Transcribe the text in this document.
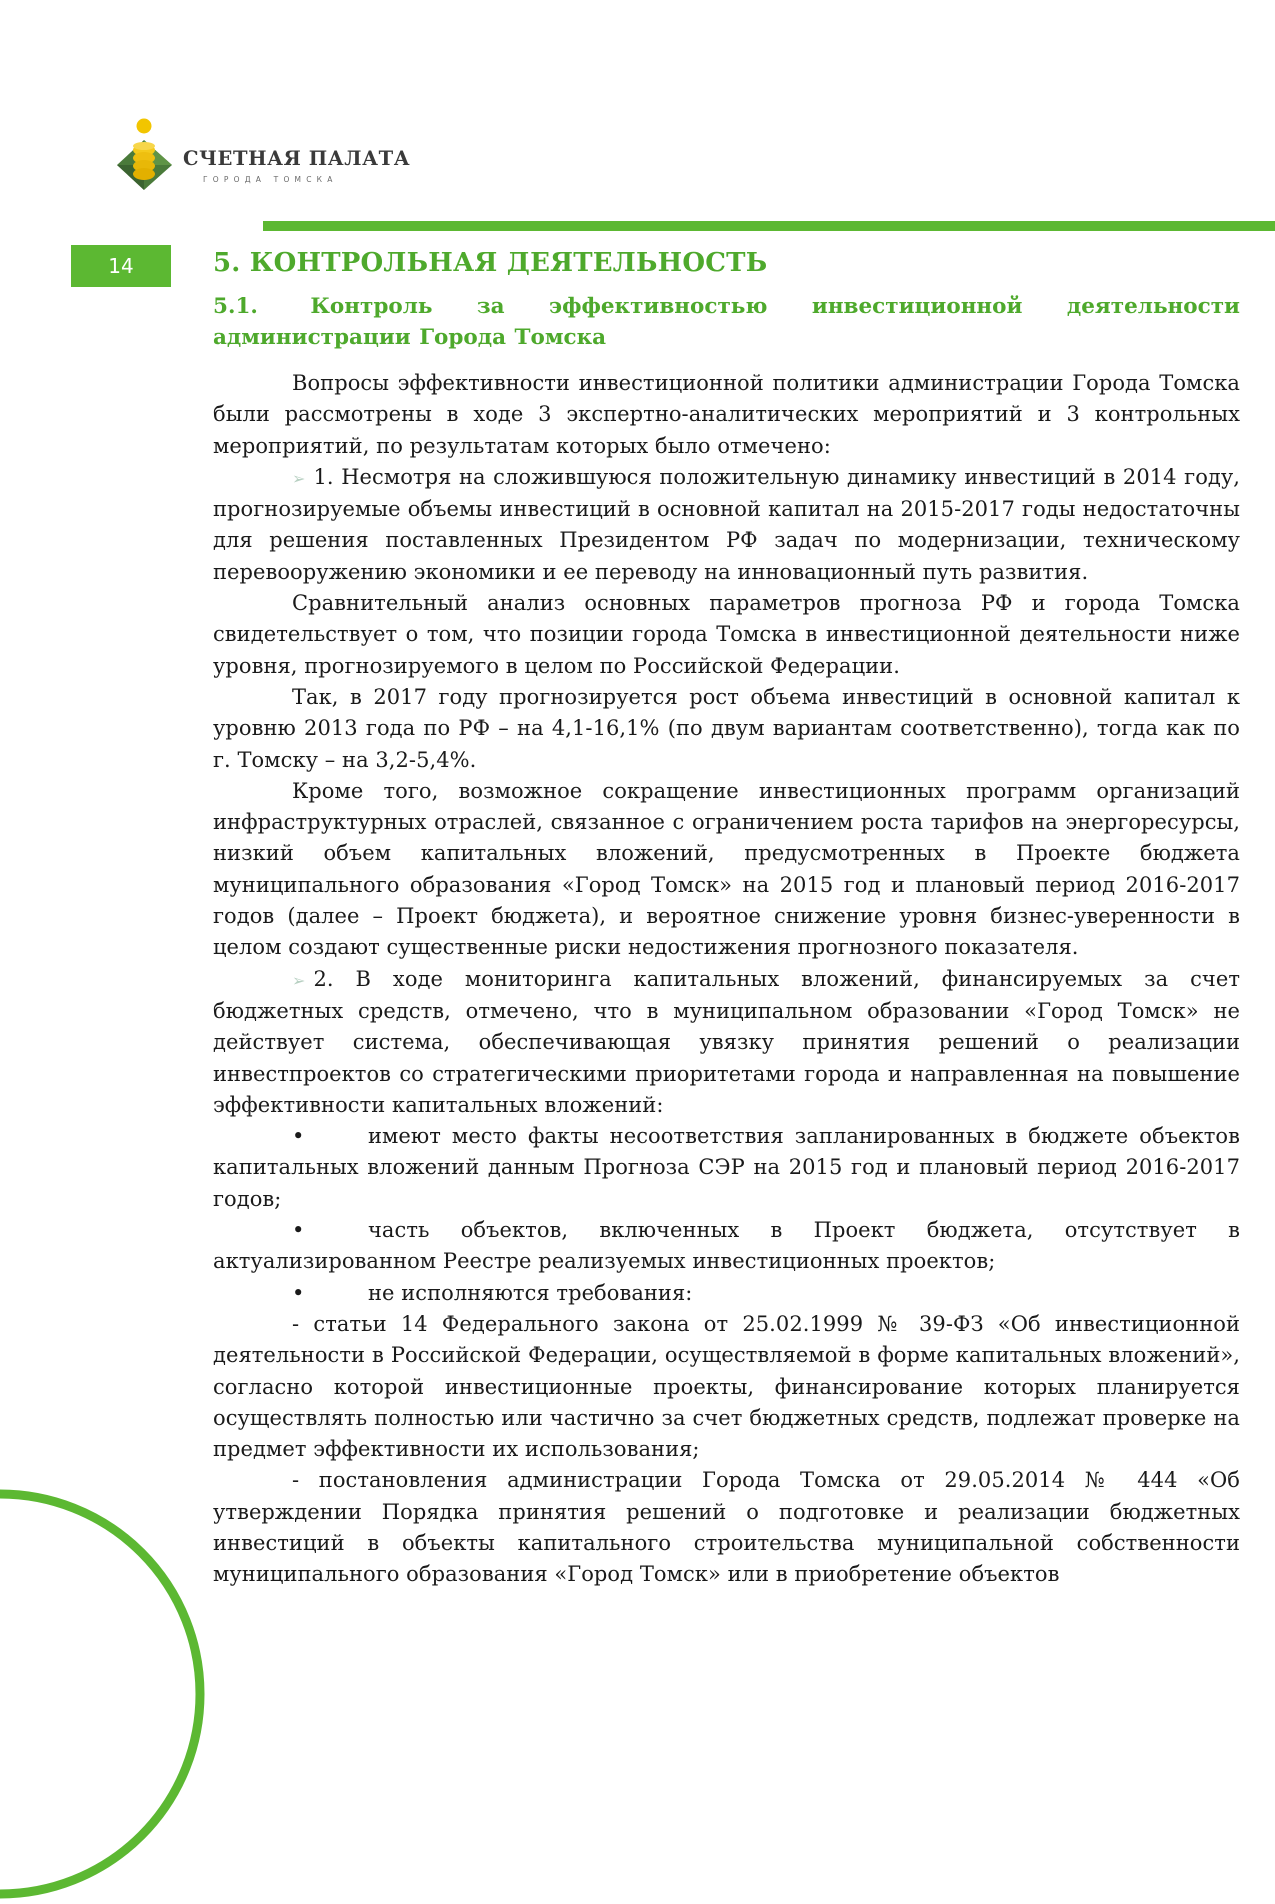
СЧЕТНАЯ ПАЛАТА
ГОРОДА ТОМСКА
14	5. КОНТРОЛЬНАЯ ДЕЯТЕЛЬНОСТЬ
5.1. Контроль за эффективностью инвестиционной деятельности администрации Города Томска

Вопросы эффективности инвестиционной политики администрации Города Томска были рассмотрены в ходе 3 экспертно-аналитических мероприятий и 3 контрольных мероприятий, по результатам которых было отмечено:

➢ 1. Несмотря на сложившуюся положительную динамику инвестиций в 2014 году, прогнозируемые объемы инвестиций в основной капитал на 2015-2017 годы недостаточны для решения поставленных Президентом РФ задач по модернизации, техническому перевооружению экономики и ее переводу на инновационный путь развития.

Сравнительный анализ основных параметров прогноза РФ и города Томска свидетельствует о том, что позиции города Томска в инвестиционной деятельности ниже уровня, прогнозируемого в целом по Российской Федерации.

Так, в 2017 году прогнозируется рост объема инвестиций в основной капитал к уровню 2013 года по РФ – на 4,1-16,1% (по двум вариантам соответственно), тогда как по г. Томску – на 3,2-5,4%.

Кроме того, возможное сокращение инвестиционных программ организаций инфраструктурных отраслей, связанное с ограничением роста тарифов на энергоресурсы, низкий объем капитальных вложений, предусмотренных в Проекте бюджета муниципального образования «Город Томск» на 2015 год и плановый период 2016-2017 годов (далее – Проект бюджета), и вероятное снижение уровня бизнес-уверенности в целом создают существенные риски недостижения прогнозного показателя.

➢ 2. В ходе мониторинга капитальных вложений, финансируемых за счет бюджетных средств, отмечено, что в муниципальном образовании «Город Томск» не действует система, обеспечивающая увязку принятия решений о реализации инвестпроектов со стратегическими приоритетами города и направленная на повышение эффективности капитальных вложений:

•	имеют место факты несоответствия запланированных в бюджете объектов капитальных вложений данным Прогноза СЭР на 2015 год и плановый период 2016-2017 годов;

•	часть объектов, включенных в Проект бюджета, отсутствует в актуализированном Реестре реализуемых инвестиционных проектов;

•	не исполняются требования:

- статьи 14 Федерального закона от 25.02.1999 № 39-ФЗ «Об инвестиционной деятельности в Российской Федерации, осуществляемой в форме капитальных вложений», согласно которой инвестиционные проекты, финансирование которых планируется осуществлять полностью или частично за счет бюджетных средств, подлежат проверке на предмет эффективности их использования;

- постановления администрации Города Томска от 29.05.2014 № 444 «Об утверждении Порядка принятия решений о подготовке и реализации бюджетных инвестиций в объекты капитального строительства муниципальной собственности муниципального образования «Город Томск» или в приобретение объектов
